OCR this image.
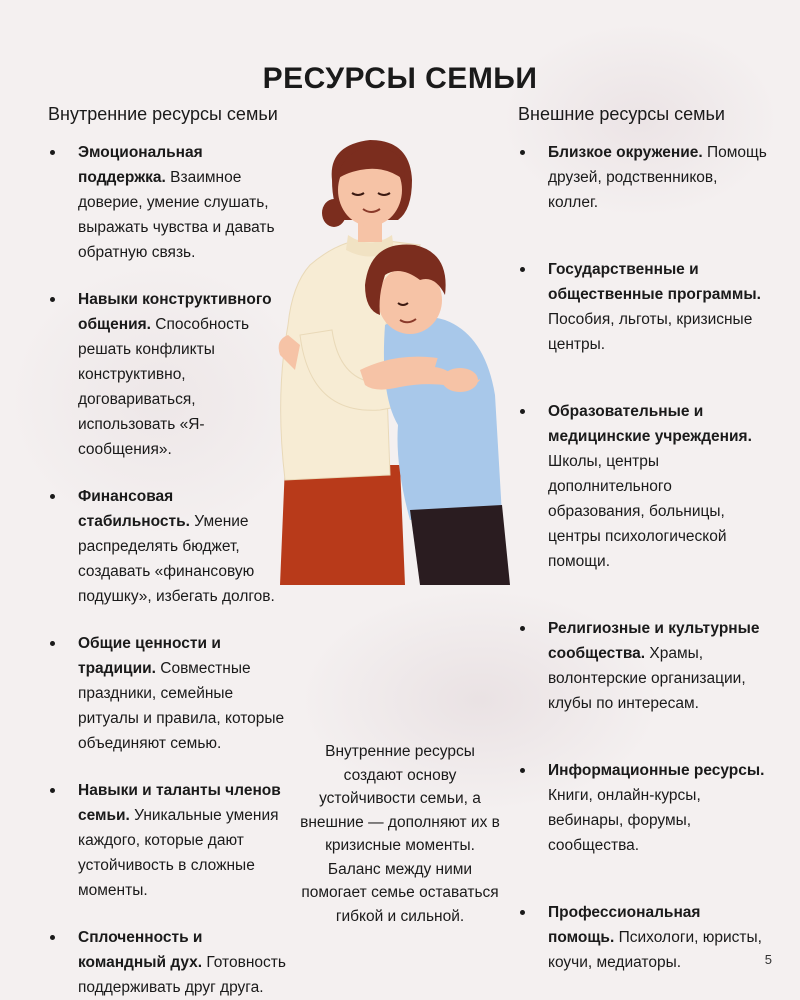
РЕСУРСЫ СЕМЬИ
Внутренние ресурсы семьи	Внешние ресурсы семьи
Эмоциональная поддержка. Взаимное доверие, умение слушать, выражать чувства и давать обратную связь.
Навыки конструктивного общения. Способность решать конфликты конструктивно, договариваться, использовать «Я-сообщения».
Финансовая стабильность. Умение распределять бюджет, создавать «финансовую подушку», избегать долгов.
Общие ценности и традиции. Совместные праздники, семейные ритуалы и правила, которые объединяют семью.
Навыки и таланты членов семьи. Уникальные умения каждого, которые дают устойчивость в сложные моменты.
Сплоченность и командный дух. Готовность поддерживать друг друга.
Близкое окружение. Помощь друзей, родственников, коллег.
Государственные и общественные программы. Пособия, льготы, кризисные центры.
Образовательные и медицинские учреждения. Школы, центры дополнительного образования, больницы, центры психологической помощи.
Религиозные и культурные сообщества. Храмы, волонтерские организации, клубы по интересам.
Информационные ресурсы. Книги, онлайн-курсы, вебинары, форумы, сообщества.
Профессиональная помощь. Психологи, юристы, коучи, медиаторы.
Внутренние ресурсы создают основу устойчивости семьи, а внешние — дополняют их в кризисные моменты. Баланс между ними помогает семье оставаться гибкой и сильной.
5
